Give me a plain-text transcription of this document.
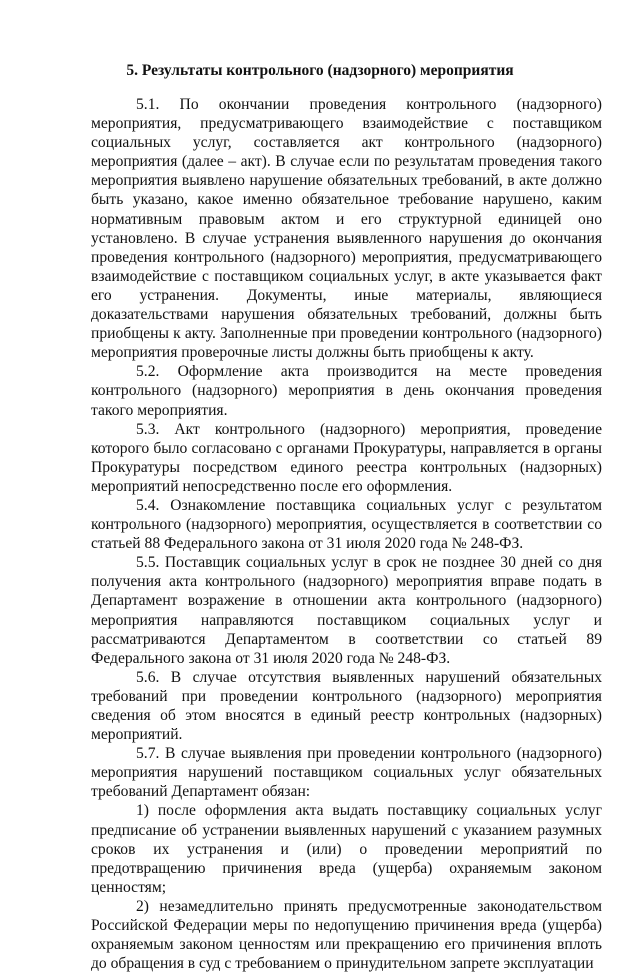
5. Результаты контрольного (надзорного) мероприятия

5.1. По окончании проведения контрольного (надзорного) мероприятия, предусматривающего взаимодействие с поставщиком социальных услуг, составляется акт контрольного (надзорного) мероприятия (далее – акт). В случае если по результатам проведения такого мероприятия выявлено нарушение обязательных требований, в акте должно быть указано, какое именно обязательное требование нарушено, каким нормативным правовым актом и его структурной единицей оно установлено. В случае устранения выявленного нарушения до окончания проведения контрольного (надзорного) мероприятия, предусматривающего взаимодействие с поставщиком социальных услуг, в акте указывается факт его устранения. Документы, иные материалы, являющиеся доказательствами нарушения обязательных требований, должны быть приобщены к акту. Заполненные при проведении контрольного (надзорного) мероприятия проверочные листы должны быть приобщены к акту.

5.2. Оформление акта производится на месте проведения контрольного (надзорного) мероприятия в день окончания проведения такого мероприятия.

5.3. Акт контрольного (надзорного) мероприятия, проведение которого было согласовано с органами Прокуратуры, направляется в органы Прокуратуры посредством единого реестра контрольных (надзорных) мероприятий непосредственно после его оформления.

5.4. Ознакомление поставщика социальных услуг с результатом контрольного (надзорного) мероприятия, осуществляется в соответствии со статьей 88 Федерального закона от 31 июля 2020 года № 248-ФЗ.

5.5. Поставщик социальных услуг в срок не позднее 30 дней со дня получения акта контрольного (надзорного) мероприятия вправе подать в Департамент возражение в отношении акта контрольного (надзорного) мероприятия направляются поставщиком социальных услуг и рассматриваются Департаментом в соответствии со статьей 89 Федерального закона от 31 июля 2020 года № 248-ФЗ.

5.6. В случае отсутствия выявленных нарушений обязательных требований при проведении контрольного (надзорного) мероприятия сведения об этом вносятся в единый реестр контрольных (надзорных) мероприятий.

5.7. В случае выявления при проведении контрольного (надзорного) мероприятия нарушений поставщиком социальных услуг обязательных требований Департамент обязан:

1) после оформления акта выдать поставщику социальных услуг предписание об устранении выявленных нарушений с указанием разумных сроков их устранения и (или) о проведении мероприятий по предотвращению причинения вреда (ущерба) охраняемым законом ценностям;

2) незамедлительно принять предусмотренные законодательством Российской Федерации меры по недопущению причинения вреда (ущерба) охраняемым законом ценностям или прекращению его причинения вплоть до обращения в суд с требованием о принудительном запрете эксплуатации
